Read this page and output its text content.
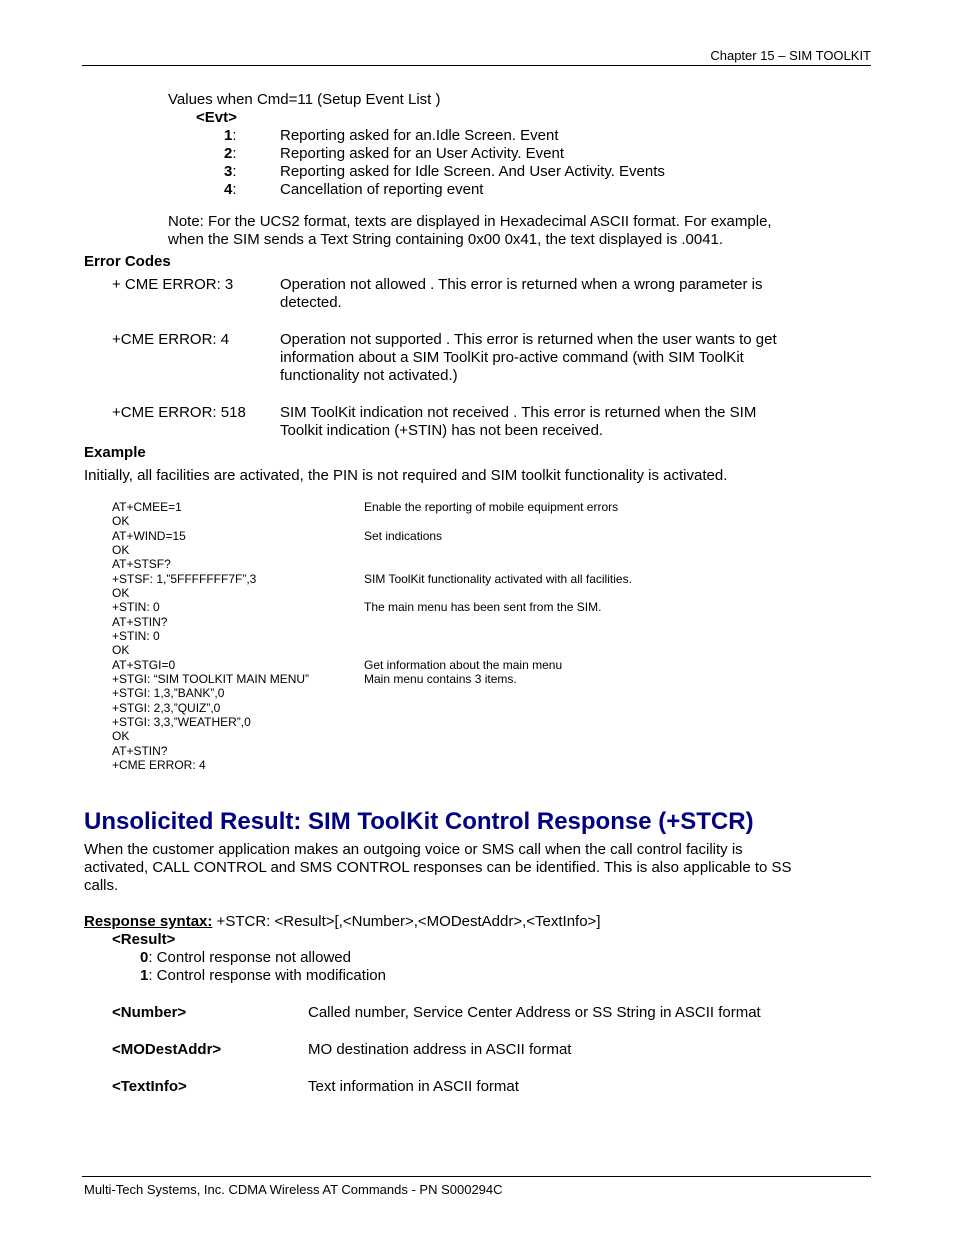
Chapter 15 – SIM TOOLKIT
Values when Cmd=11 (Setup Event List )
<Evt>
1:	Reporting asked for an.Idle Screen. Event
2:	Reporting asked for an User Activity. Event
3:	Reporting asked for Idle Screen. And User Activity. Events
4:	Cancellation of reporting event
Note: For the UCS2 format, texts are displayed in Hexadecimal ASCII format. For example,
when the SIM sends a Text String containing 0x00 0x41, the text displayed is .0041.
Error Codes
+ CME ERROR: 3	Operation not allowed . This error is returned when a wrong parameter is
detected.
+CME ERROR: 4	Operation not supported . This error is returned when the user wants to get
information about a SIM ToolKit pro-active command (with SIM ToolKit
functionality not activated.)
+CME ERROR: 518 SIM ToolKit indication not received . This error is returned when the SIM
Toolkit indication (+STIN) has not been received.
Example
Initially, all facilities are activated, the PIN is not required and SIM toolkit functionality is activated.
AT+CMEE=1	Enable the reporting of mobile equipment errors
OK
AT+WIND=15	Set indications
OK
AT+STSF?
+STSF: 1,”5FFFFFFF7F”,3	SIM ToolKit functionality activated with all facilities.
OK
+STIN: 0	The main menu has been sent from the SIM.
AT+STIN?
+STIN: 0
OK
AT+STGI=0	Get information about the main menu
+STGI: “SIM TOOLKIT MAIN MENU”	Main menu contains 3 items.
+STGI: 1,3,”BANK”,0
+STGI: 2,3,”QUIZ”,0
+STGI: 3,3,”WEATHER”,0
OK
AT+STIN?
+CME ERROR: 4
Unsolicited Result: SIM ToolKit Control Response (+STCR)
When the customer application makes an outgoing voice or SMS call when the call control facility is
activated, CALL CONTROL and SMS CONTROL responses can be identified. This is also applicable to SS
calls.
Response syntax: +STCR: <Result>[,<Number>,<MODestAddr>,<TextInfo>]
<Result>
0: Control response not allowed
1: Control response with modification
<Number>	Called number, Service Center Address or SS String in ASCII format
<MODestAddr>	MO destination address in ASCII format
<TextInfo>	Text information in ASCII format
Multi-Tech Systems, Inc. CDMA Wireless AT Commands - PN S000294C
